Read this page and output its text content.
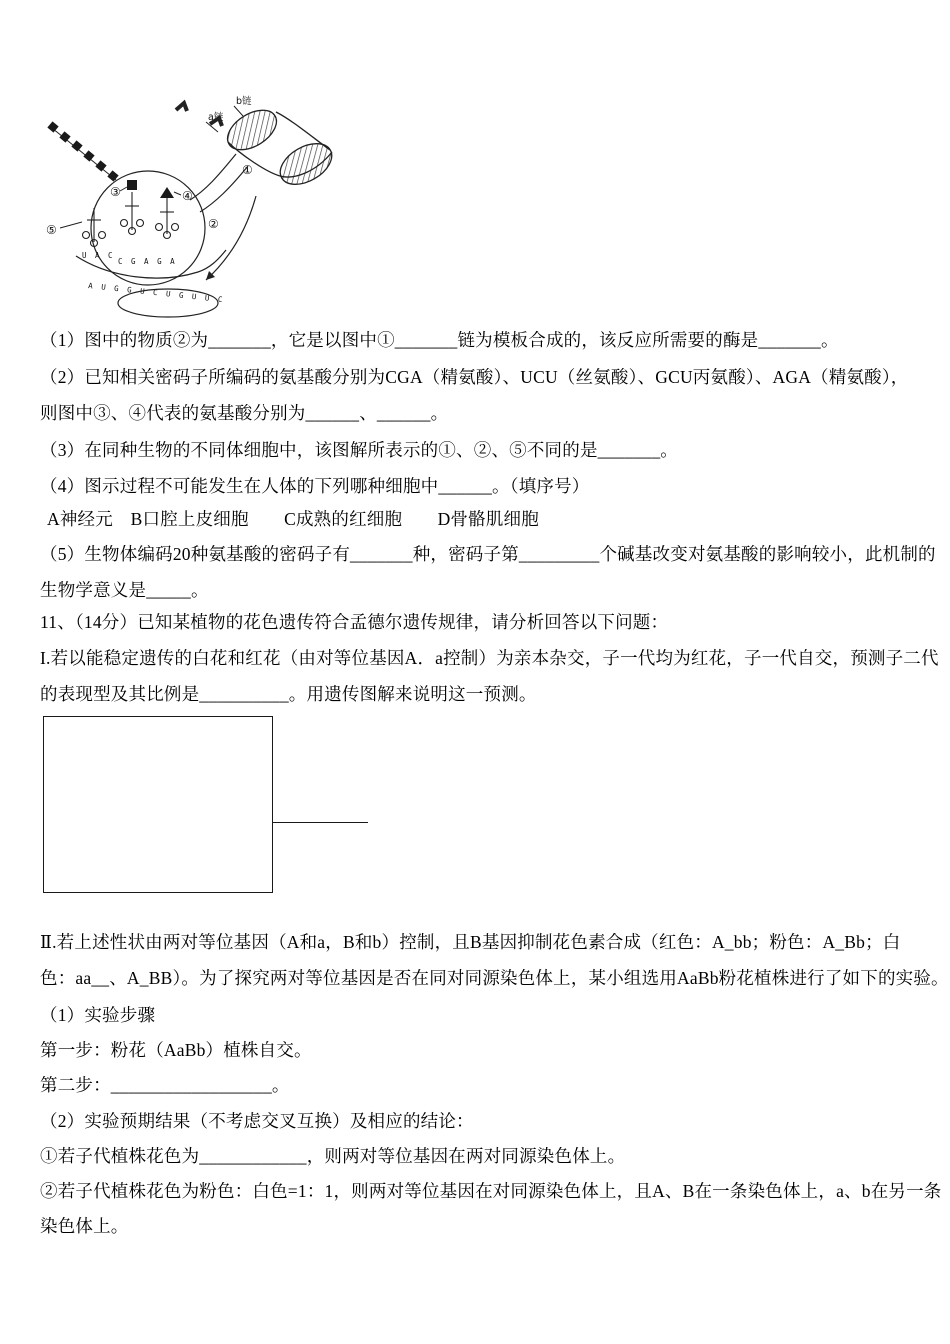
b链
a链
①
②
③	④
⑤
U A C
C G A G A
A U G G U C U G U U C
（1）图中的物质②为_______，它是以图中①_______链为模板合成的，该反应所需要的酶是_______。
（2）已知相关密码子所编码的氨基酸分别为CGA（精氨酸）、UCU（丝氨酸）、GCU丙氨酸）、AGA（精氨酸），
则图中③、④代表的氨基酸分别为______、______。
（3）在同种生物的不同体细胞中，该图解所表示的①、②、⑤不同的是_______。
（4）图示过程不可能发生在人体的下列哪种细胞中______。（填序号）
A神经元　B口腔上皮细胞　　C成熟的红细胞　　D骨骼肌细胞
（5）生物体编码20种氨基酸的密码子有_______种，密码子第_________个碱基改变对氨基酸的影响较小，此机制的
生物学意义是_____。
11、（14分）已知某植物的花色遗传符合孟德尔遗传规律，请分析回答以下问题：
I.若以能稳定遗传的白花和红花（由对等位基因A．a控制）为亲本杂交，子一代均为红花，子一代自交，预测子二代
的表现型及其比例是__________。用遗传图解来说明这一预测。
Ⅱ.若上述性状由两对等位基因（A和a，B和b）控制，且B基因抑制花色素合成（红色：A_bb；粉色：A_Bb；白
色：aa__、A_BB）。为了探究两对等位基因是否在同对同源染色体上，某小组选用AaBb粉花植株进行了如下的实验。
（1）实验步骤
第一步：粉花（AaBb）植株自交。
第二步：__________________。
（2）实验预期结果（不考虑交叉互换）及相应的结论：
①若子代植株花色为____________，则两对等位基因在两对同源染色体上。
②若子代植株花色为粉色：白色=1：1，则两对等位基因在对同源染色体上，且A、B在一条染色体上，a、b在另一条
染色体上。
